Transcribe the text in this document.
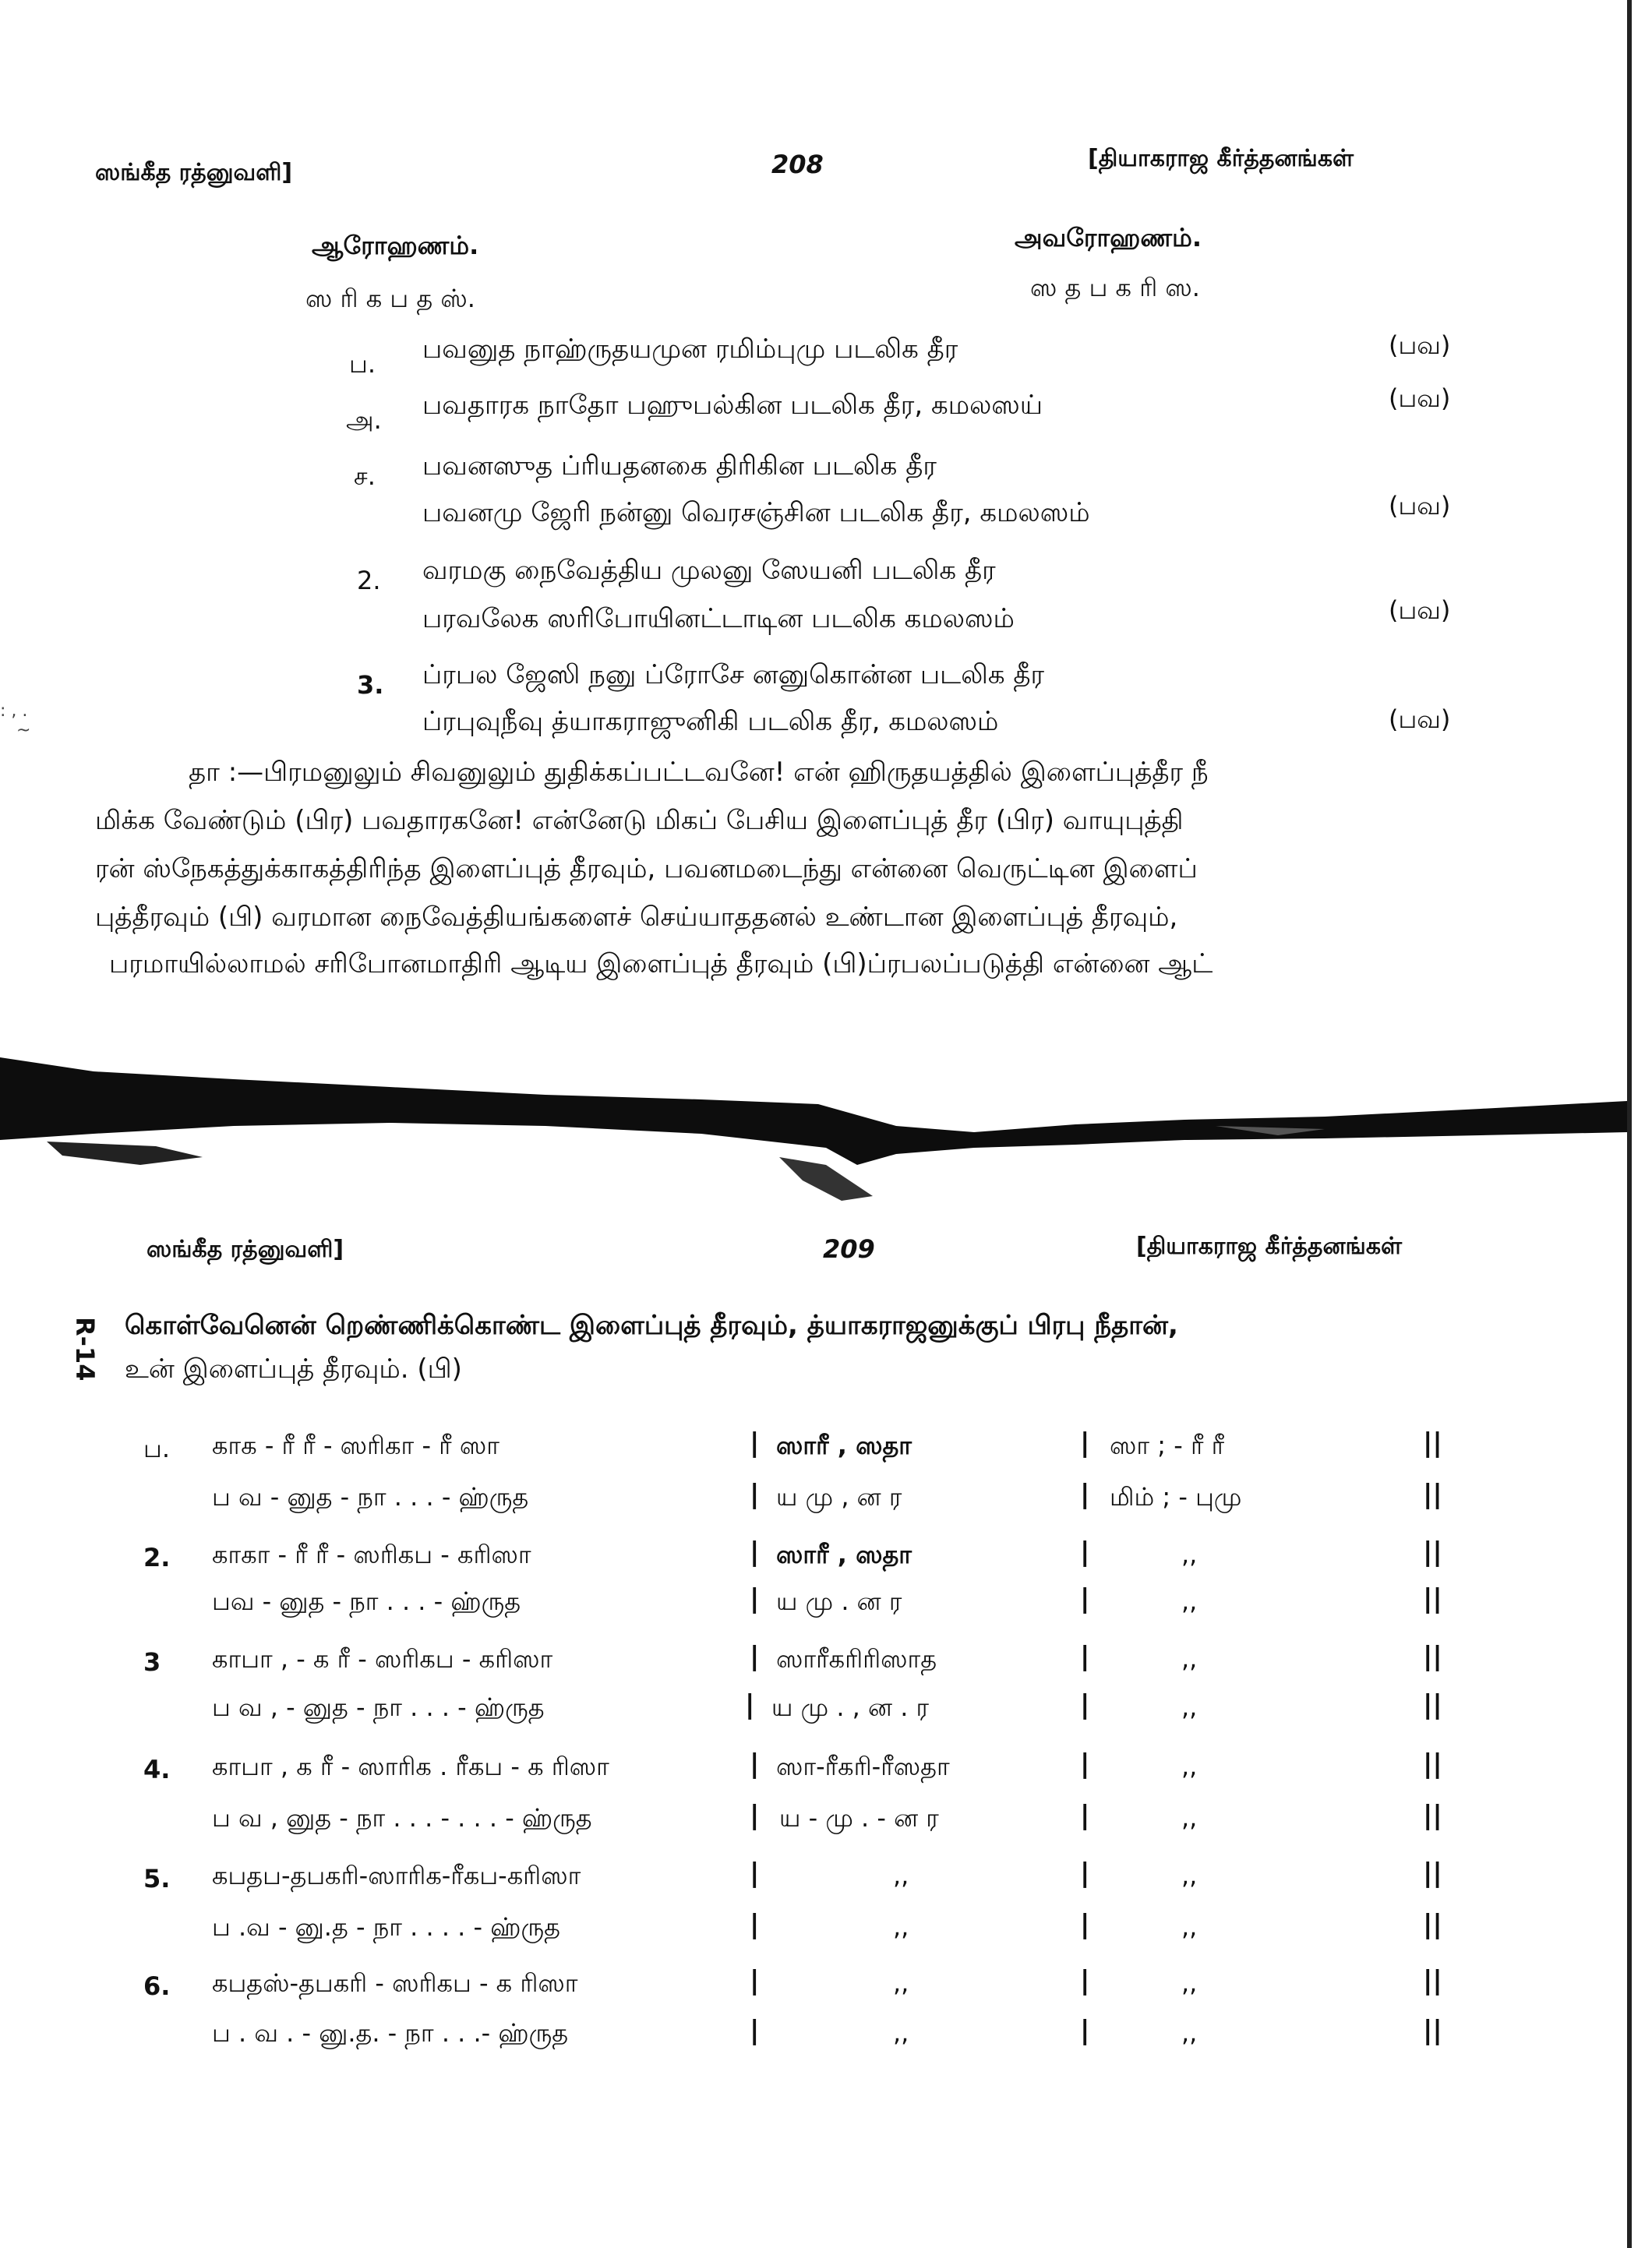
: , .
~
ஸங்கீத ரத்னுவளி]	208	[தியாகராஜ கீர்த்தனங்கள்
ஆரோஹணம்.	அவரோஹணம்.
ஸ ரி க ப த ஸ்.	ஸ த ப க ரி ஸ.
ப. பவனுத நாஹ்ருதயமுன ரமிம்புமு படலிக தீர	(பவ)
அ. பவதாரக நாதோ பஹுபல்கின படலிக தீர, கமலஸய்	(பவ)
ச. பவனஸுத ப்ரியதனகை திரிகின படலிக தீர
பவனமு ஜேரி நன்னு வெரசஞ்சின படலிக தீர, கமலஸம்	(பவ)
2. வரமகு நைவேத்திய முலனு ஸேயனி படலிக தீர
பரவலேக ஸரிபோயினட்டாடின படலிக கமலஸம்	(பவ)
3. ப்ரபல ஜேஸி நனு ப்ரோசே னனுகொன்ன படலிக தீர
ப்ரபுவுநீவு த்யாகராஜுனிகி படலிக தீர, கமலஸம்	(பவ)
தா :—பிரமனுலும் சிவனுலும் துதிக்கப்பட்டவனே! என் ஹிருதயத்தில் இளைப்புத்தீர நீ
மிக்க வேண்டும் (பிர) பவதாரகனே! என்னேடு மிகப் பேசிய இளைப்புத் தீர (பிர) வாயுபுத்தி
ரன் ஸ்நேகத்துக்காகத்திரிந்த இளைப்புத் தீரவும், பவனமடைந்து என்னை வெருட்டின இளைப்
புத்தீரவும் (பி) வரமான நைவேத்தியங்களைச் செய்யாததனல் உண்டான இளைப்புத் தீரவும்,
பரமாயில்லாமல் சரிபோனமாதிரி ஆடிய இளைப்புத் தீரவும் (பி)ப்ரபலப்படுத்தி என்னை ஆட்
ஸங்கீத ரத்னுவளி]	209	[தியாகராஜ கீர்த்தனங்கள்
R-14 கொள்வேனென் றெண்ணிக்கொண்ட இளைப்புத் தீரவும், த்யாகராஜனுக்குப் பிரபு நீதான்,
உன் இளைப்புத் தீரவும். (பி)
ப. காக - ரீ ரீ - ஸரிகா - ரீ ஸா	| ஸாரீ , ஸதா	| ஸா ; - ரீ ரீ	||
ப வ - னுத - நா . . . - ஹ்ருத	| ய மு , ன ர	| மிம் ; - புமு	||
2. காகா - ரீ ரீ - ஸரிகப - கரிஸா	| ஸாரீ , ஸதா	|	,,	||
பவ - னுத - நா . . . - ஹ்ருத	| ய மு . ன ர	|	,,	||
3 காபா , - க ரீ - ஸரிகப - கரிஸா	| ஸாரீகரிரிஸாத	|	,,	||
ப வ , - னுத - நா . . . - ஹ்ருத	| ய மு . , ன . ர	|	,,	||
4. காபா , க ரீ - ஸாரிக . ரீகப - க ரிஸா	| ஸா-ரீகரி-ரீஸதா	|	,,	||
ப வ , னுத - நா . . . - . . . - ஹ்ருத	| ய - மு . - ன ர	|	,,	||
5. கபதப-தபகரி-ஸாரிக-ரீகப-கரிஸா	|	,,	|	,,	||
ப .வ - னு.த - நா . . . . - ஹ்ருத	|	,,	|	,,	||
6. கபதஸ்-தபகரி - ஸரிகப - க ரிஸா	|	,,	|	,,	||
ப . வ . - னு.த. - நா . . .- ஹ்ருத	|	,,	|	,,	||
